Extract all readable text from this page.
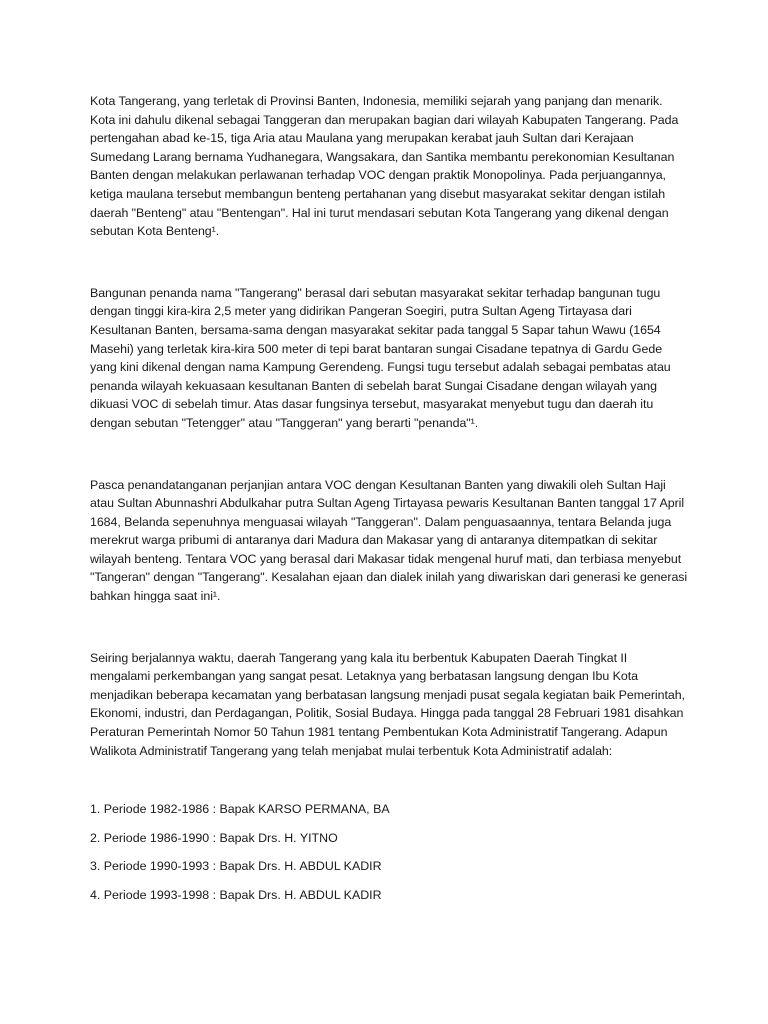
Kota Tangerang, yang terletak di Provinsi Banten, Indonesia, memiliki sejarah yang panjang dan menarik. Kota ini dahulu dikenal sebagai Tanggeran dan merupakan bagian dari wilayah Kabupaten Tangerang. Pada pertengahan abad ke-15, tiga Aria atau Maulana yang merupakan kerabat jauh Sultan dari Kerajaan Sumedang Larang bernama Yudhanegara, Wangsakara, dan Santika membantu perekonomian Kesultanan Banten dengan melakukan perlawanan terhadap VOC dengan praktik Monopolinya. Pada perjuangannya, ketiga maulana tersebut membangun benteng pertahanan yang disebut masyarakat sekitar dengan istilah daerah "Benteng" atau "Bentengan". Hal ini turut mendasari sebutan Kota Tangerang yang dikenal dengan sebutan Kota Benteng¹.

Bangunan penanda nama "Tangerang" berasal dari sebutan masyarakat sekitar terhadap bangunan tugu dengan tinggi kira-kira 2,5 meter yang didirikan Pangeran Soegiri, putra Sultan Ageng Tirtayasa dari Kesultanan Banten, bersama-sama dengan masyarakat sekitar pada tanggal 5 Sapar tahun Wawu (1654 Masehi) yang terletak kira-kira 500 meter di tepi barat bantaran sungai Cisadane tepatnya di Gardu Gede yang kini dikenal dengan nama Kampung Gerendeng. Fungsi tugu tersebut adalah sebagai pembatas atau penanda wilayah kekuasaan kesultanan Banten di sebelah barat Sungai Cisadane dengan wilayah yang dikuasi VOC di sebelah timur. Atas dasar fungsinya tersebut, masyarakat menyebut tugu dan daerah itu dengan sebutan "Tetengger" atau "Tanggeran" yang berarti "penanda"¹.

Pasca penandatanganan perjanjian antara VOC dengan Kesultanan Banten yang diwakili oleh Sultan Haji atau Sultan Abunnashri Abdulkahar putra Sultan Ageng Tirtayasa pewaris Kesultanan Banten tanggal 17 April 1684, Belanda sepenuhnya menguasai wilayah "Tanggeran". Dalam penguasaannya, tentara Belanda juga merekrut warga pribumi di antaranya dari Madura dan Makasar yang di antaranya ditempatkan di sekitar wilayah benteng. Tentara VOC yang berasal dari Makasar tidak mengenal huruf mati, dan terbiasa menyebut "Tangeran" dengan "Tangerang". Kesalahan ejaan dan dialek inilah yang diwariskan dari generasi ke generasi bahkan hingga saat ini¹.

Seiring berjalannya waktu, daerah Tangerang yang kala itu berbentuk Kabupaten Daerah Tingkat II mengalami perkembangan yang sangat pesat. Letaknya yang berbatasan langsung dengan Ibu Kota menjadikan beberapa kecamatan yang berbatasan langsung menjadi pusat segala kegiatan baik Pemerintah, Ekonomi, industri, dan Perdagangan, Politik, Sosial Budaya. Hingga pada tanggal 28 Februari 1981 disahkan Peraturan Pemerintah Nomor 50 Tahun 1981 tentang Pembentukan Kota Administratif Tangerang. Adapun Walikota Administratif Tangerang yang telah menjabat mulai terbentuk Kota Administratif adalah:

1. Periode 1982-1986 : Bapak KARSO PERMANA, BA
2. Periode 1986-1990 : Bapak Drs. H. YITNO
3. Periode 1990-1993 : Bapak Drs. H. ABDUL KADIR
4. Periode 1993-1998 : Bapak Drs. H. ABDUL KADIR
